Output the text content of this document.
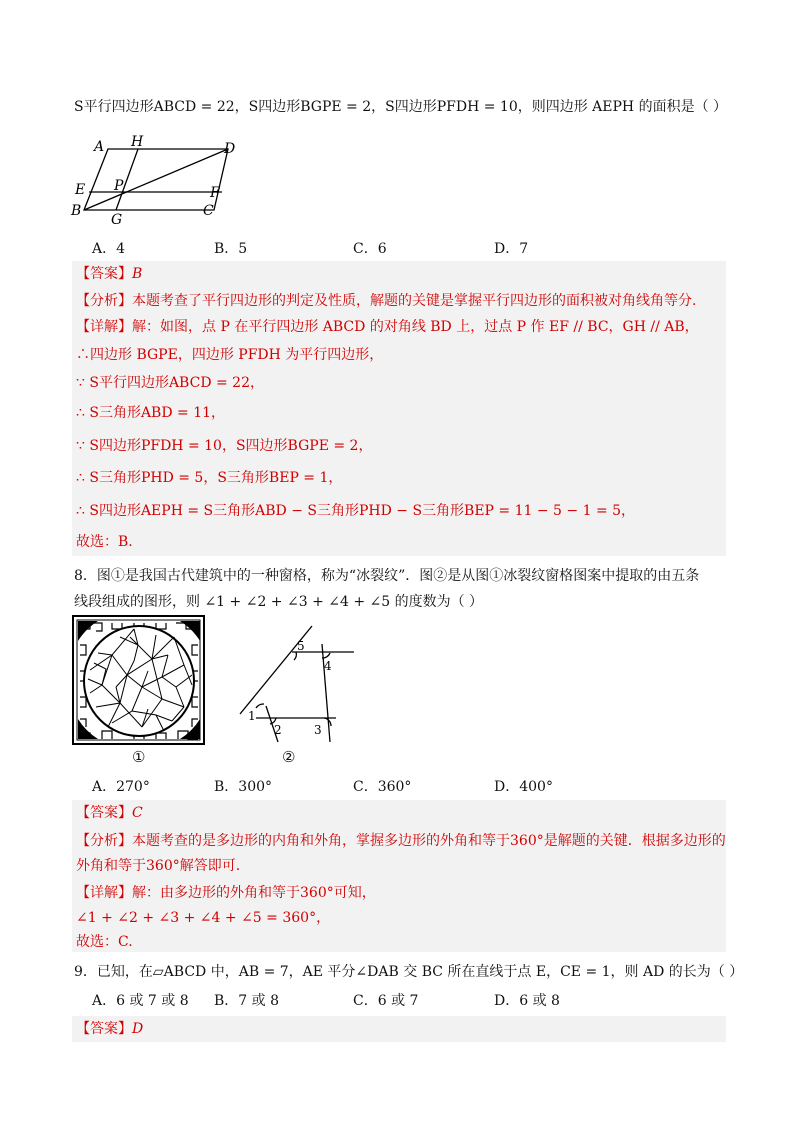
S平行四边形ABCD = 22，S四边形BGPE = 2，S四边形PFDH = 10，则四边形 AEPH 的面积是（ ）
A H	D
E P	F
B
G
C
A．4	B．5	C．6	D．7
【答案】B
【分析】本题考查了平行四边形的判定及性质，解题的关键是掌握平行四边形的面积被对角线角等分.
【详解】解：如图，点 P 在平行四边形 ABCD 的对角线 BD 上，过点 P 作 EF // BC，GH // AB，
∴四边形 BGPE，四边形 PFDH 为平行四边形，
∵ S平行四边形ABCD = 22，
∴ S三角形ABD = 11，
∵ S四边形PFDH = 10，S四边形BGPE = 2，
∴ S三角形PHD = 5，S三角形BEP = 1，
∴ S四边形AEPH = S三角形ABD − S三角形PHD − S三角形BEP = 11 − 5 − 1 = 5，
故选：B.
8．图①是我国古代建筑中的一种窗格，称为“冰裂纹”．图②是从图①冰裂纹窗格图案中提取的由五条
线段组成的图形，则 ∠1 + ∠2 + ∠3 + ∠4 + ∠5 的度数为（ ）
①
1
2	3
4
5
②
A．270°	B．300°	C．360°	D．400°
【答案】C
【分析】本题考查的是多边形的内角和外角，掌握多边形的外角和等于360°是解题的关键．根据多边形的
外角和等于360°解答即可.
【详解】解：由多边形的外角和等于360°可知，
∠1 + ∠2 + ∠3 + ∠4 + ∠5 = 360°，
故选：C.
9．已知，在▱ABCD 中，AB = 7，AE 平分∠DAB 交 BC 所在直线于点 E，CE = 1，则 AD 的长为（ ）
A．6 或 7 或 8 B．7 或 8	C．6 或 7	D．6 或 8
【答案】D
